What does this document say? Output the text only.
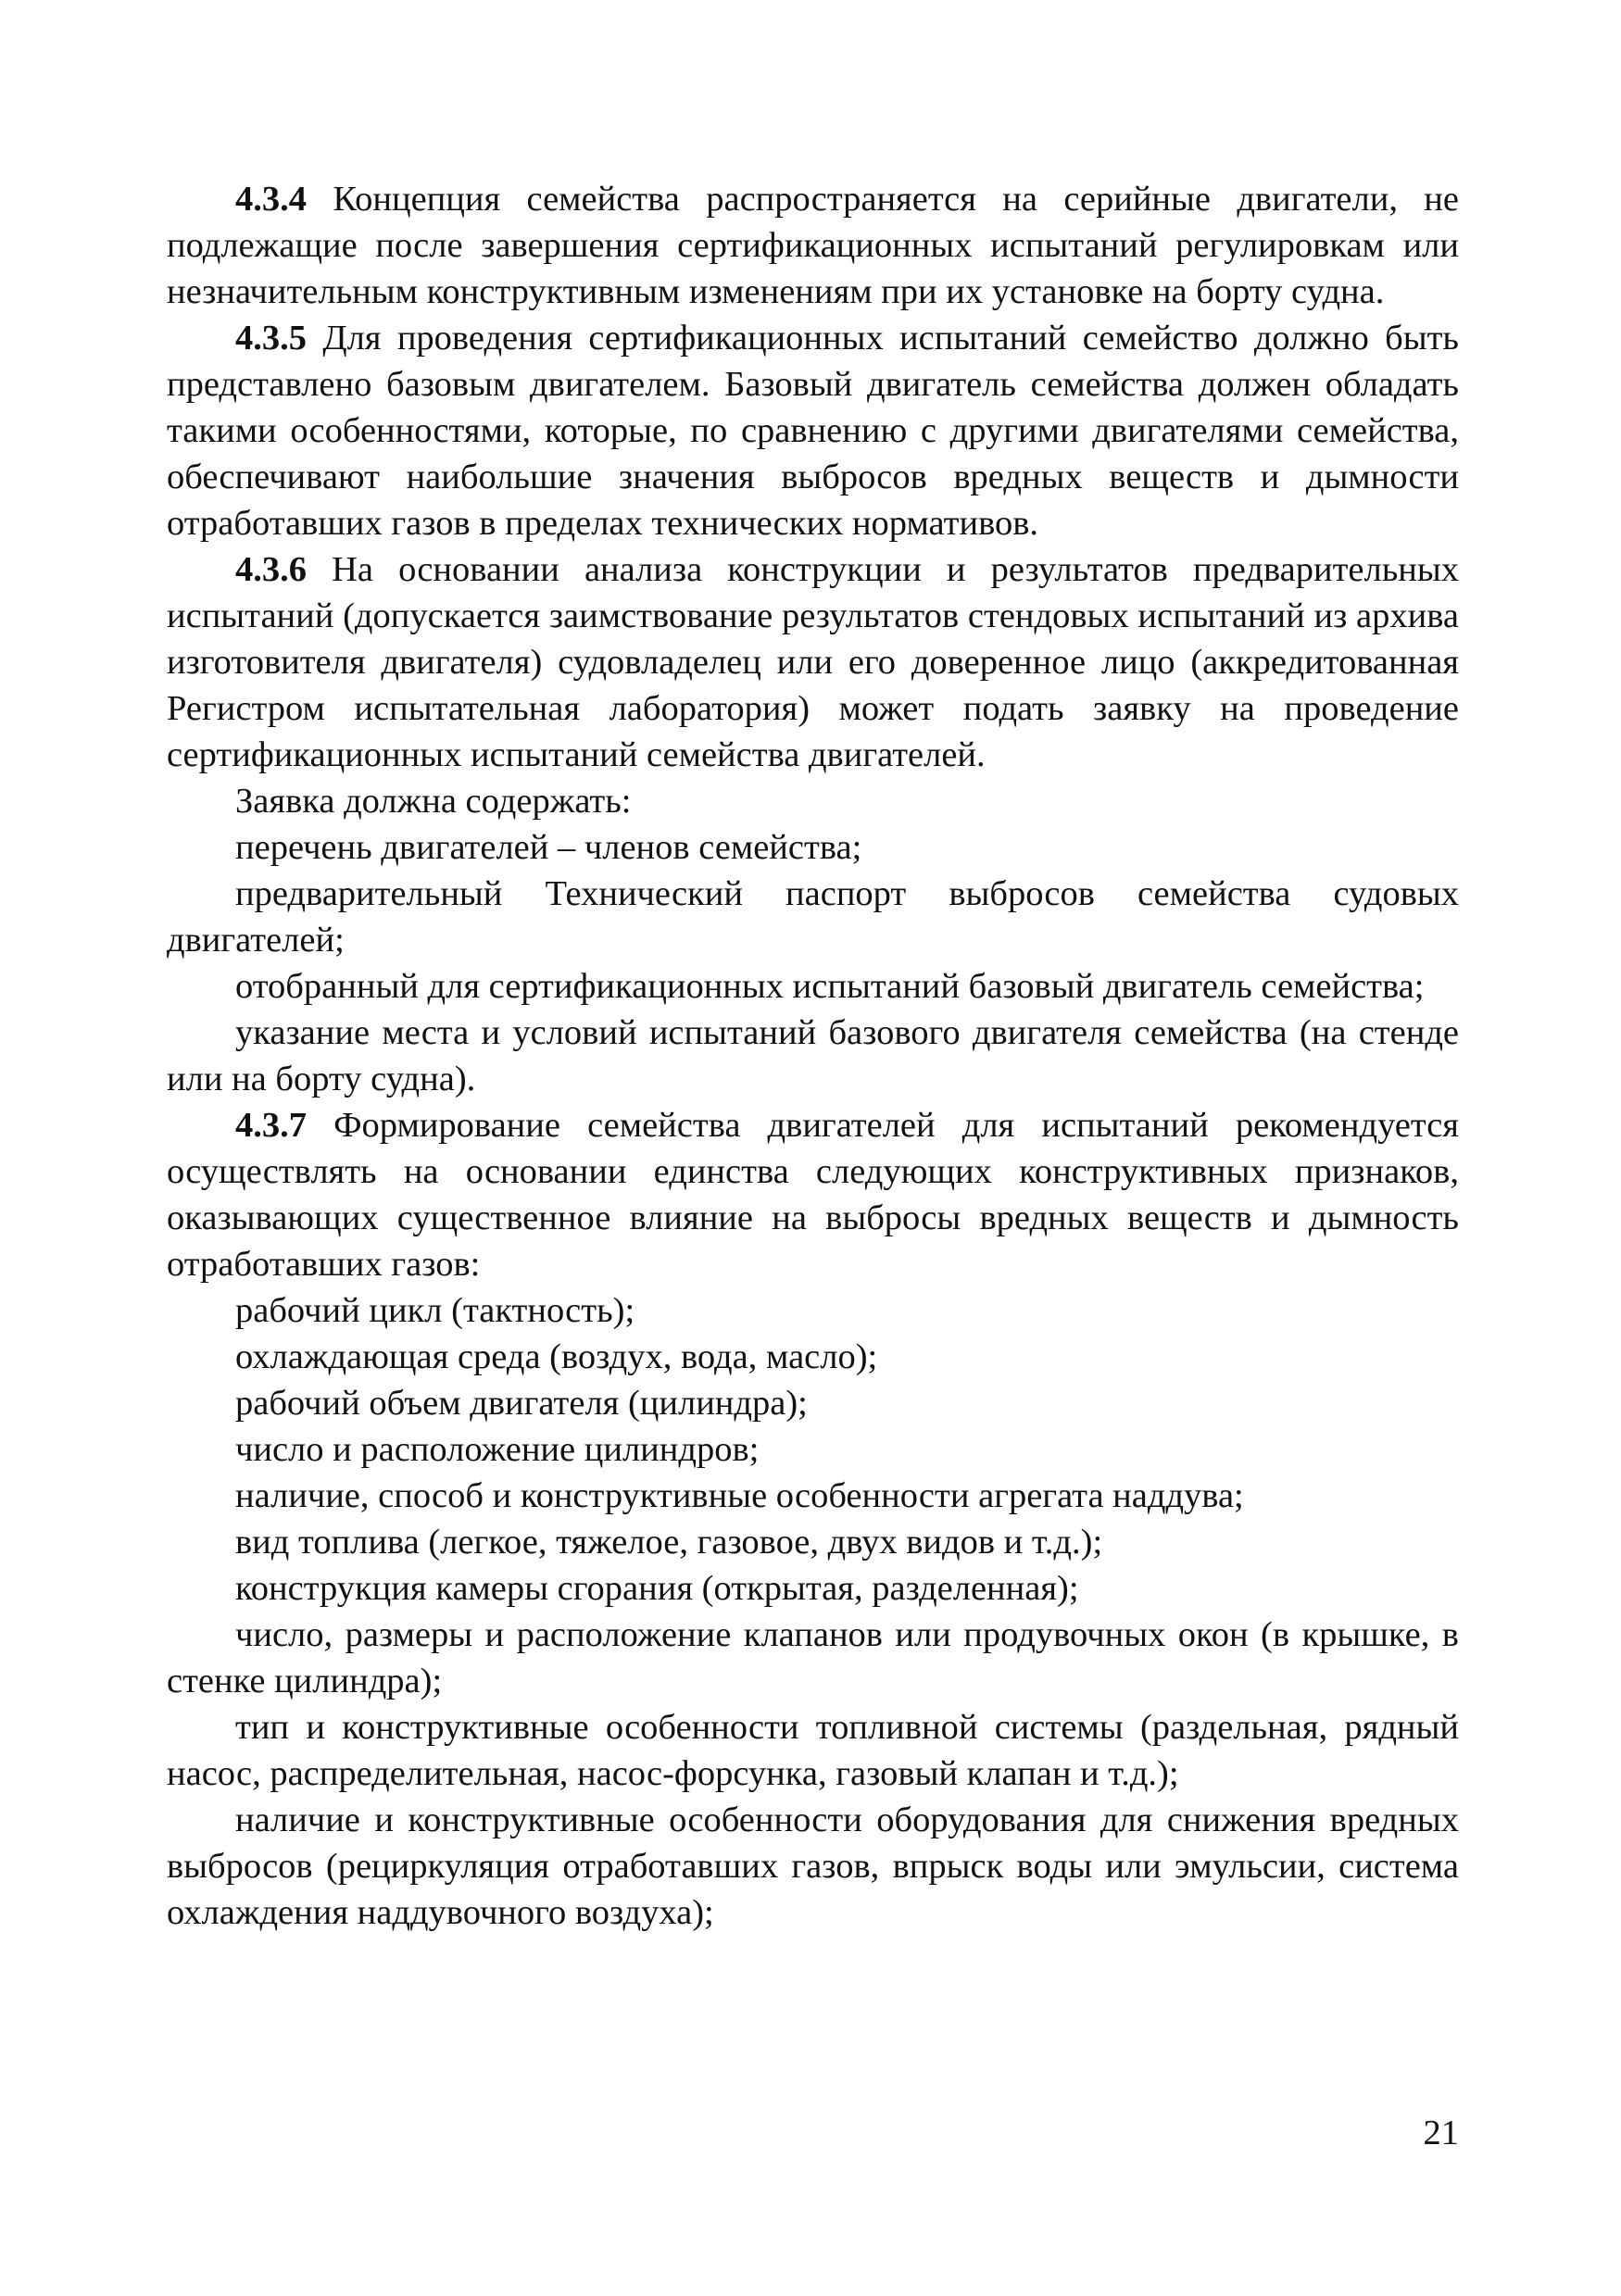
4.3.4 Концепция семейства распространяется на серийные двигатели, не подлежащие после завершения сертификационных испытаний регулировкам или незначительным конструктивным изменениям при их установке на борту судна.

4.3.5 Для проведения сертификационных испытаний семейство должно быть представлено базовым двигателем. Базовый двигатель семейства должен обладать такими особенностями, которые, по сравнению с другими двигателями семейства, обеспечивают наибольшие значения выбросов вредных веществ и дымности отработавших газов в пределах технических нормативов.

4.3.6 На основании анализа конструкции и результатов предварительных испытаний (допускается заимствование результатов стендовых испытаний из архива изготовителя двигателя) судовладелец или его доверенное лицо (аккредитованная Регистром испытательная лаборатория) может подать заявку на проведение сертификационных испытаний семейства двигателей.

Заявка должна содержать:

перечень двигателей – членов семейства;

предварительный Технический паспорт выбросов семейства судовых двигателей;

отобранный для сертификационных испытаний базовый двигатель семейства;

указание места и условий испытаний базового двигателя семейства (на стенде или на борту судна).

4.3.7 Формирование семейства двигателей для испытаний рекомендуется осуществлять на основании единства следующих конструктивных признаков, оказывающих существенное влияние на выбросы вредных веществ и дымность отработавших газов:

рабочий цикл (тактность);

охлаждающая среда (воздух, вода, масло);

рабочий объем двигателя (цилиндра);

число и расположение цилиндров;

наличие, способ и конструктивные особенности агрегата наддува;

вид топлива (легкое, тяжелое, газовое, двух видов и т.д.);

конструкция камеры сгорания (открытая, разделенная);

число, размеры и расположение клапанов или продувочных окон (в крышке, в стенке цилиндра);

тип и конструктивные особенности топливной системы (раздельная, рядный насос, распределительная, насос-форсунка, газовый клапан и т.д.);

наличие и конструктивные особенности оборудования для снижения вредных выбросов (рециркуляция отработавших газов, впрыск воды или эмульсии, система охлаждения наддувочного воздуха);

21
